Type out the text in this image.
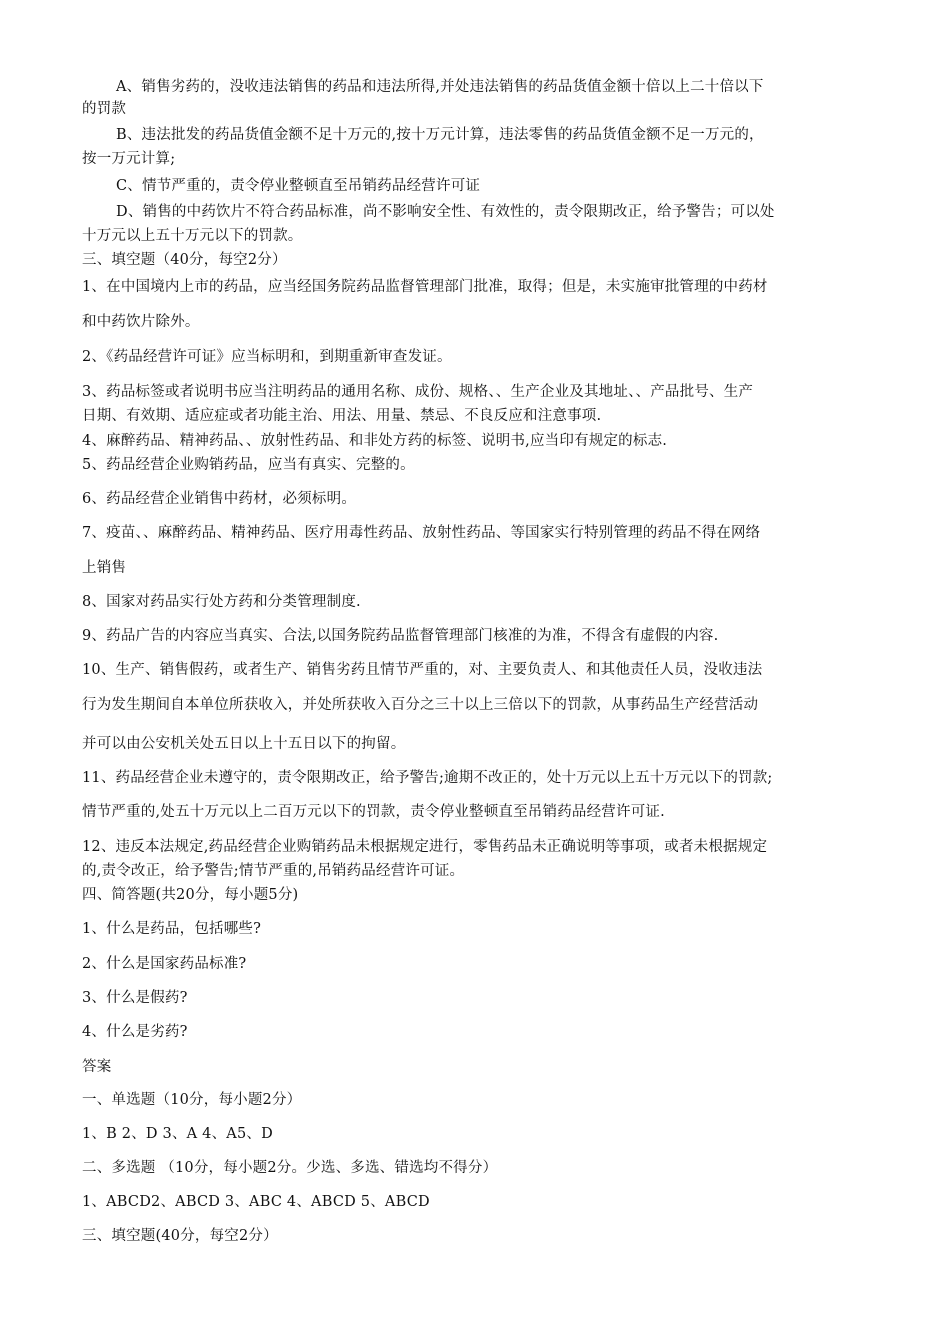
A、销售劣药的，没收违法销售的药品和违法所得,并处违法销售的药品货值金额十倍以上二十倍以下
的罚款
B、违法批发的药品货值金额不足十万元的,按十万元计算，违法零售的药品货值金额不足一万元的，
按一万元计算;
C、情节严重的，责令停业整顿直至吊销药品经营许可证
D、销售的中药饮片不符合药品标准，尚不影响安全性、有效性的，责令限期改正，给予警告；可以处
十万元以上五十万元以下的罚款。
三、填空题（40分，每空2分）
1、在中国境内上市的药品，应当经国务院药品监督管理部门批准，取得；但是，未实施审批管理的中药材
和中药饮片除外。
2、《药品经营许可证》应当标明和，到期重新审查发证。
3、药品标签或者说明书应当注明药品的通用名称、成份、规格、、生产企业及其地址、、产品批号、生产
日期、有效期、适应症或者功能主治、用法、用量、禁忌、不良反应和注意事项.
4、麻醉药品、精神药品、、放射性药品、和非处方药的标签、说明书,应当印有规定的标志.
5、药品经营企业购销药品，应当有真实、完整的。
6、药品经营企业销售中药材，必须标明。
7、疫苗、、麻醉药品、精神药品、医疗用毒性药品、放射性药品、等国家实行特别管理的药品不得在网络
上销售
8、国家对药品实行处方药和分类管理制度.
9、药品广告的内容应当真实、合法,以国务院药品监督管理部门核准的为准，不得含有虚假的内容.
10、生产、销售假药，或者生产、销售劣药且情节严重的，对、主要负责人、和其他责任人员，没收违法
行为发生期间自本单位所获收入，并处所获收入百分之三十以上三倍以下的罚款，从事药品生产经营活动
并可以由公安机关处五日以上十五日以下的拘留。
11、药品经营企业未遵守的，责令限期改正，给予警告;逾期不改正的，处十万元以上五十万元以下的罚款;
情节严重的,处五十万元以上二百万元以下的罚款，责令停业整顿直至吊销药品经营许可证.
12、违反本法规定,药品经营企业购销药品未根据规定进行，零售药品未正确说明等事项，或者未根据规定
的,责令改正，给予警告;情节严重的,吊销药品经营许可证。
四、简答题(共20分，每小题5分)
1、什么是药品，包括哪些?
2、什么是国家药品标准?
3、什么是假药?
4、什么是劣药?
答案
一、单选题（10分，每小题2分）
1、B 2、D 3、A 4、A5、D
二、多选题 （10分，每小题2分。少选、多选、错选均不得分）
1、ABCD2、ABCD 3、ABC 4、ABCD 5、ABCD
三、填空题(40分，每空2分）
